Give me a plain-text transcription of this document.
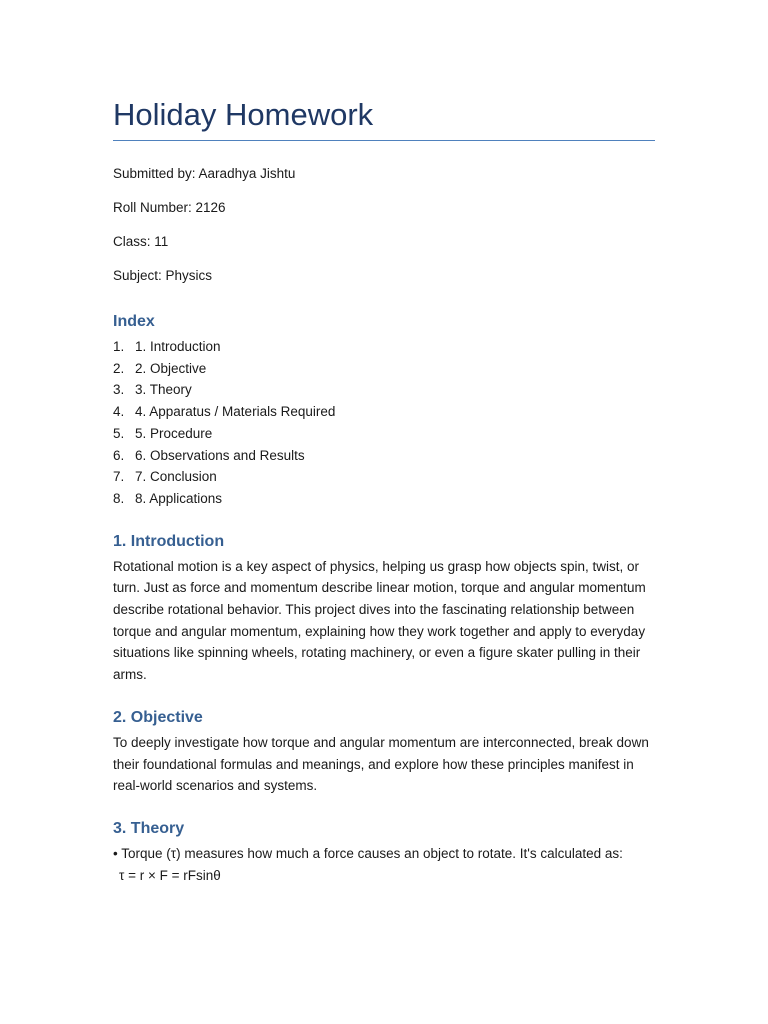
Holiday Homework

Submitted by: Aaradhya Jishtu

Roll Number: 2126

Class: 11

Subject: Physics

Index
1. 1. Introduction
2. 2. Objective
3. 3. Theory
4. 4. Apparatus / Materials Required
5. 5. Procedure
6. 6. Observations and Results
7. 7. Conclusion
8. 8. Applications
1. Introduction

Rotational motion is a key aspect of physics, helping us grasp how objects spin, twist, or turn. Just as force and momentum describe linear motion, torque and angular momentum describe rotational behavior. This project dives into the fascinating relationship between torque and angular momentum, explaining how they work together and apply to everyday situations like spinning wheels, rotating machinery, or even a figure skater pulling in their arms.

2. Objective

To deeply investigate how torque and angular momentum are interconnected, break down their foundational formulas and meanings, and explore how these principles manifest in real-world scenarios and systems.

3. Theory

• Torque (τ) measures how much a force causes an object to rotate. It's calculated as:

τ = r × F = rFsinθ
